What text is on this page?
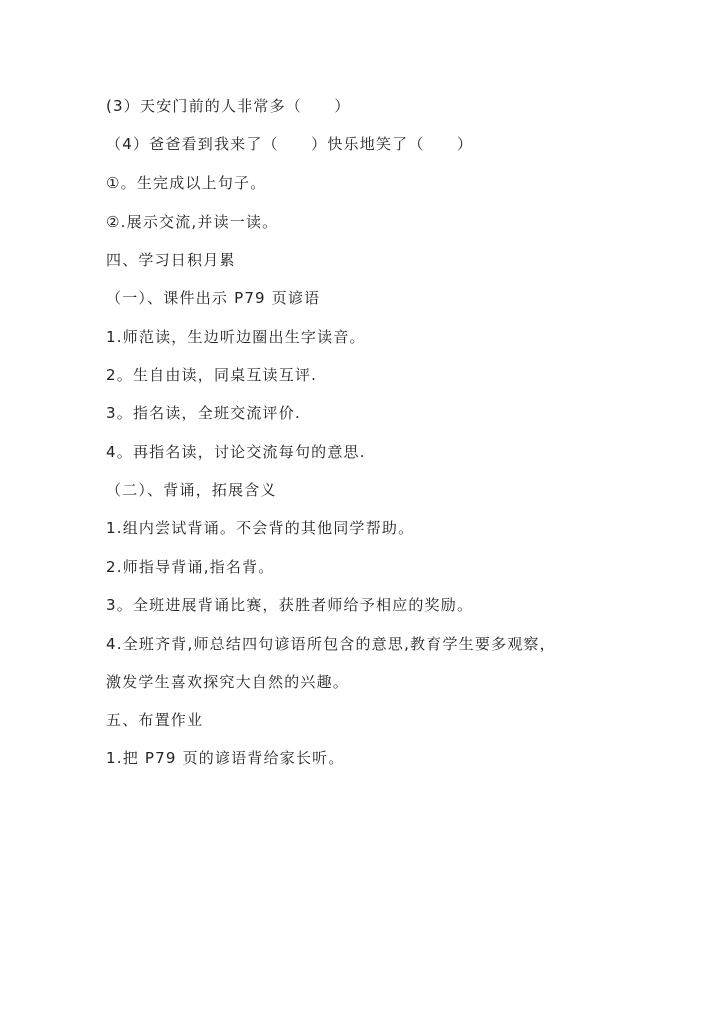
(3）天安门前的人非常多（　　）
（4）爸爸看到我来了（　　）快乐地笑了（　　）
①。生完成以上句子。
②.展示交流,并读一读。
四、学习日积月累
（一）、课件出示 P79 页谚语
1.师范读，生边听边圈出生字读音。
2。生自由读，同桌互读互评.
3。指名读，全班交流评价.
4。再指名读，讨论交流每句的意思.
（二）、背诵，拓展含义
1.组内尝试背诵。不会背的其他同学帮助。
2.师指导背诵,指名背。
3。全班进展背诵比赛，获胜者师给予相应的奖励。
4.全班齐背,师总结四句谚语所包含的意思,教育学生要多观察，
激发学生喜欢探究大自然的兴趣。
五、布置作业
1.把 P79 页的谚语背给家长听。
